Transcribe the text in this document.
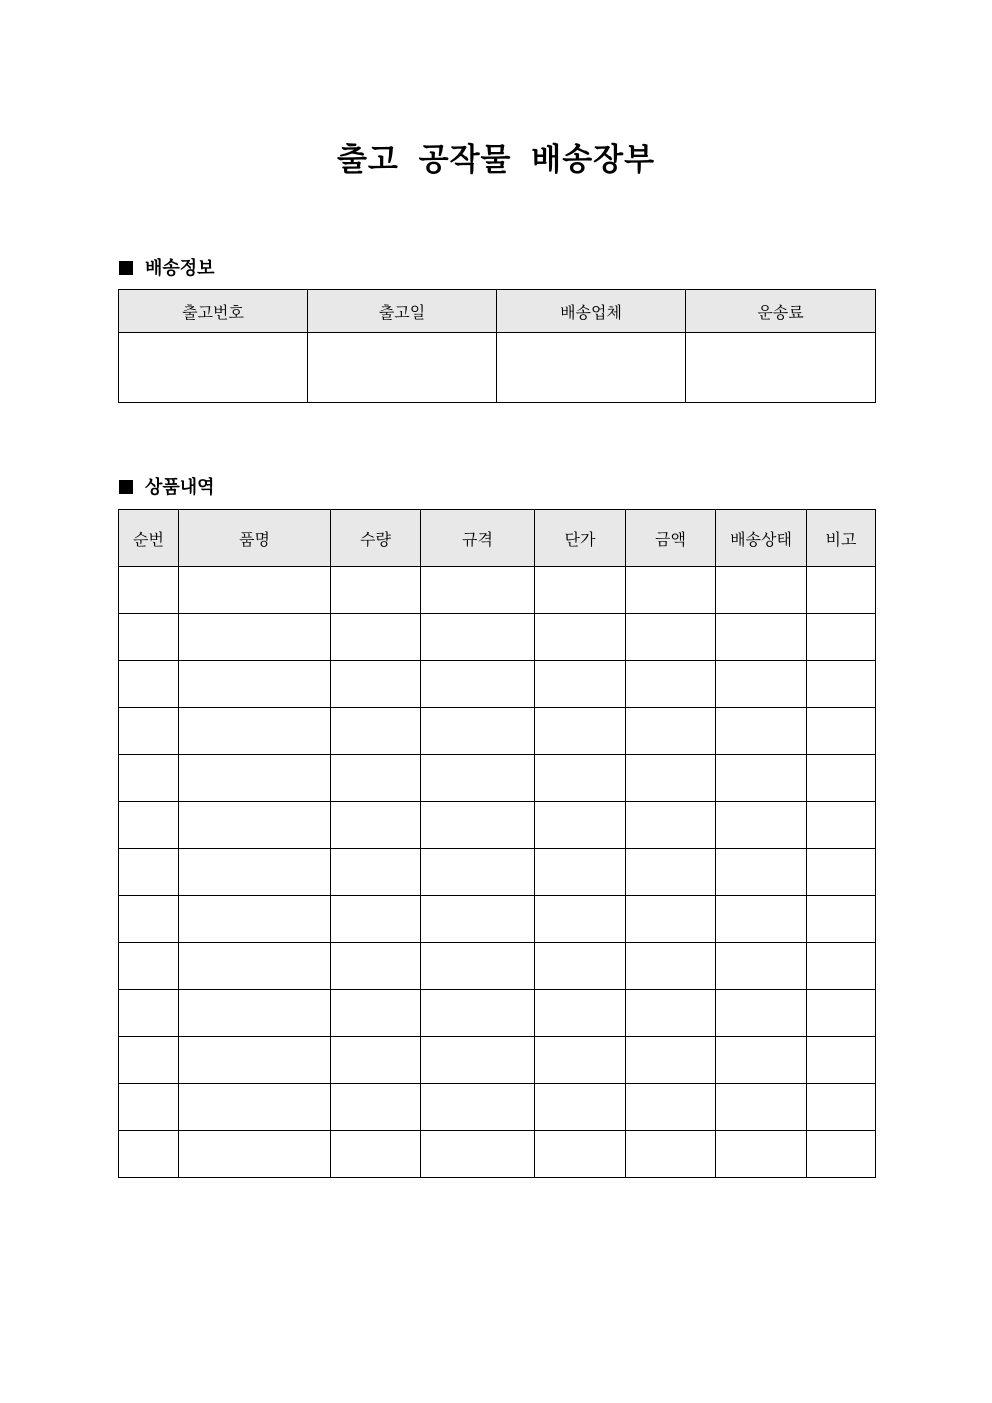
출고 공작물 배송장부
배송정보
출고번호	출고일	배송업체	운송료

상품내역
순번	품명	수량	규격	단가	금액	배송상태	비고
